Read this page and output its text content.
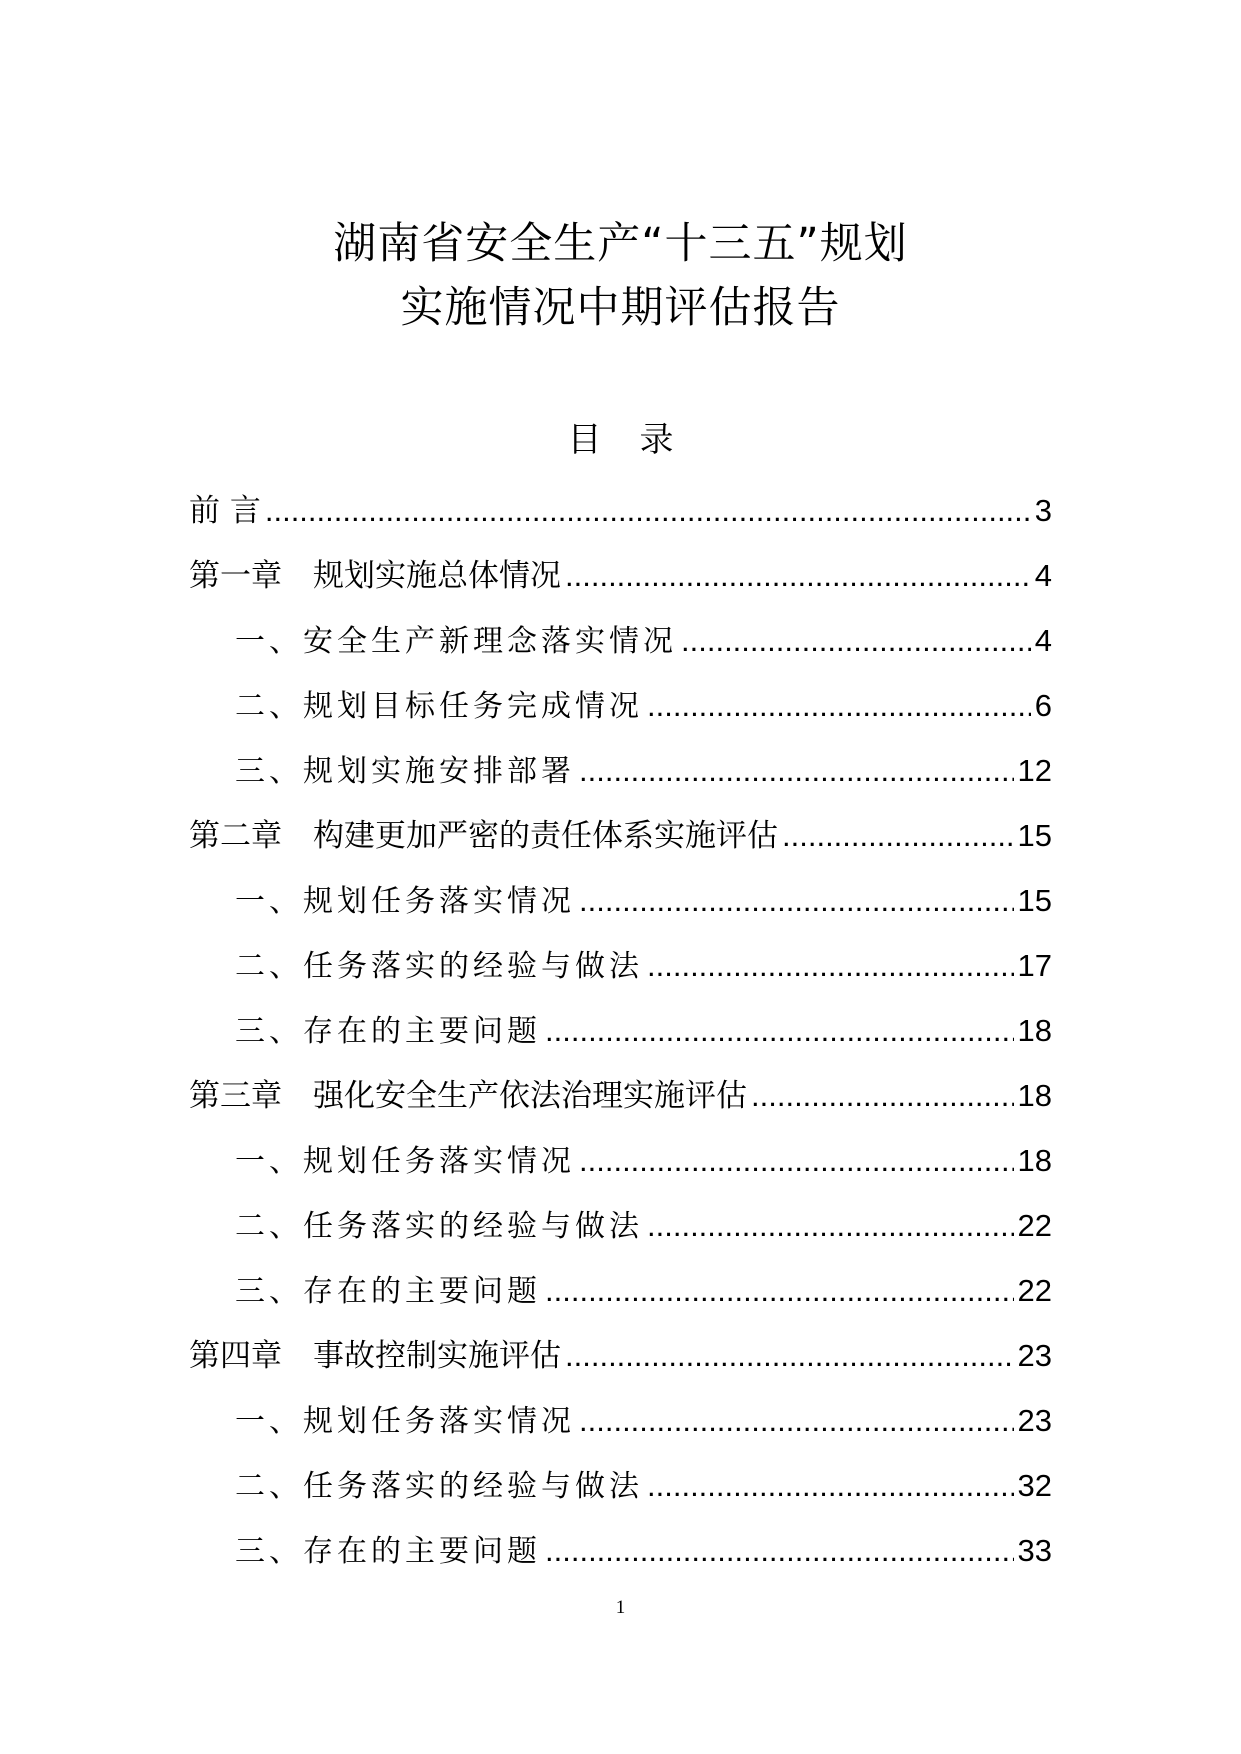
湖南省安全生产“十三五”规划
实施情况中期评估报告
目录
前 言 .....	3
第一章　规划实施总体情况 .....	4
一、安全生产新理念落实情况 .....	4
二、规划目标任务完成情况 .....	6
三、规划实施安排部署 .....	12
第二章　构建更加严密的责任体系实施评估 .....	15
一、规划任务落实情况 .....	15
二、任务落实的经验与做法 .....	17
三、存在的主要问题 .....	18
第三章　强化安全生产依法治理实施评估 .....	18
一、规划任务落实情况 .....	18
二、任务落实的经验与做法 .....	22
三、存在的主要问题 .....	22
第四章　事故控制实施评估 .....	23
一、规划任务落实情况 .....	23
二、任务落实的经验与做法 .....	32
三、存在的主要问题 .....	33
1
